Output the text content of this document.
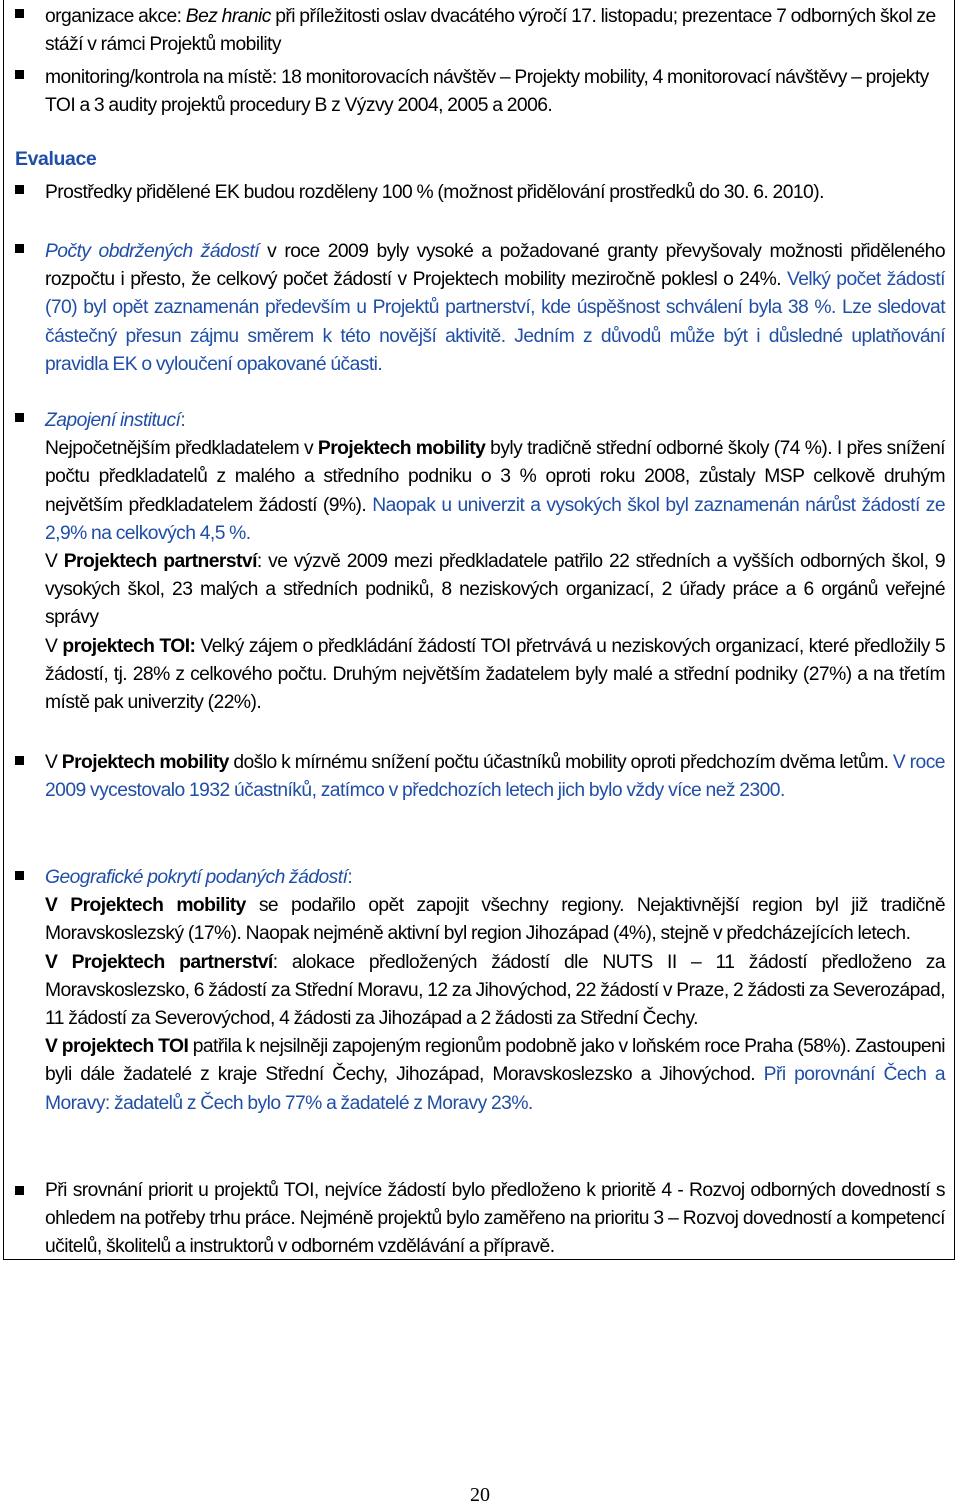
organizace akce: Bez hranic při příležitosti oslav dvacátého výročí 17. listopadu; prezentace 7 odborných škol ze stáží v rámci Projektů mobility
monitoring/kontrola na místě: 18 monitorovacích návštěv – Projekty mobility, 4 monitorovací návštěvy – projekty TOI a 3 audity projektů procedury B z Výzvy 2004, 2005 a 2006.
Evaluace
Prostředky přidělené EK budou rozděleny 100 % (možnost přidělování prostředků do 30. 6. 2010).
Počty obdržených žádostí v roce 2009 byly vysoké a požadované granty převyšovaly možnosti přiděleného rozpočtu i přesto, že celkový počet žádostí v Projektech mobility meziročně poklesl o 24%. Velký počet žádostí (70) byl opět zaznamenán především u Projektů partnerství, kde úspěšnost schválení byla 38 %. Lze sledovat částečný přesun zájmu směrem k této novější aktivitě. Jedním z důvodů může být i důsledné uplatňování pravidla EK o vyloučení opakované účasti.
Zapojení institucí:
Nejpočetnějším předkladatelem v Projektech mobility byly tradičně střední odborné školy (74 %). I přes snížení počtu předkladatelů z malého a středního podniku o 3 % oproti roku 2008, zůstaly MSP celkově druhým největším předkladatelem žádostí (9%). Naopak u univerzit a vysokých škol byl zaznamenán nárůst žádostí ze 2,9% na celkových 4,5 %.
V Projektech partnerství: ve výzvě 2009 mezi předkladatele patřilo 22 středních a vyšších odborných škol, 9 vysokých škol, 23 malých a středních podniků, 8 neziskových organizací, 2 úřady práce a 6 orgánů veřejné správy
V projektech TOI: Velký zájem o předkládání žádostí TOI přetrvává u neziskových organizací, které předložily 5 žádostí, tj. 28% z celkového počtu. Druhým největším žadatelem byly malé a střední podniky (27%) a na třetím místě pak univerzity (22%).
V Projektech mobility došlo k mírnému snížení počtu účastníků mobility oproti předchozím dvěma letům. V roce 2009 vycestovalo 1932 účastníků, zatímco v předchozích letech jich bylo vždy více než 2300.
Geografické pokrytí podaných žádostí:
V Projektech mobility se podařilo opět zapojit všechny regiony. Nejaktivnější region byl již tradičně Moravskoslezský (17%). Naopak nejméně aktivní byl region Jihozápad (4%), stejně v předcházejících letech.
V Projektech partnerství: alokace předložených žádostí dle NUTS II – 11 žádostí předloženo za Moravskoslezsko, 6 žádostí za Střední Moravu, 12 za Jihovýchod, 22 žádostí v Praze, 2 žádosti za Severozápad, 11 žádostí za Severovýchod, 4 žádosti za Jihozápad a 2 žádosti za Střední Čechy.
V projektech TOI patřila k nejsilněji zapojeným regionům podobně jako v loňském roce Praha (58%). Zastoupeni byli dále žadatelé z kraje Střední Čechy, Jihozápad, Moravskoslezsko a Jihovýchod. Při porovnání Čech a Moravy: žadatelů z Čech bylo 77% a žadatelé z Moravy 23%.
Při srovnání priorit u projektů TOI, nejvíce žádostí bylo předloženo k prioritě 4 - Rozvoj odborných dovedností s ohledem na potřeby trhu práce. Nejméně projektů bylo zaměřeno na prioritu 3 – Rozvoj dovedností a kompetencí učitelů, školitelů a instruktorů v odborném vzdělávání a přípravě.
20
